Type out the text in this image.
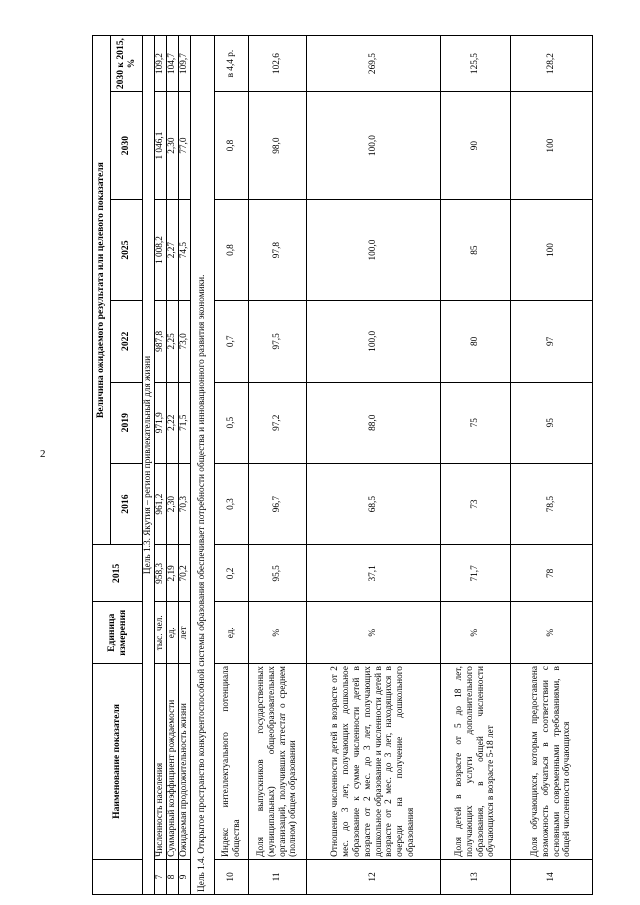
2
	Наименование показателя	Единица измерения	2015	Величина ожидаемого результата или целевого показателя					
				2016	2019	2022	2025	2030	2030 к 2015, %
Цель 1.3. Якутия – регион привлекательный для жизни									
7	Численность населения	тыс. чел.	958,3	961,2	971,9	987,8	1 008,2	1 046,1	109,2
8	Суммарный коэффициент рождаемости	ед.	2,19	2,30	2,22	2,25	2,27	2,30	104,7
9	Ожидаемая продолжительность жизни	лет	70,2	70,3	71,5	73,0	74,5	77,0	109,7
Цель 1.4. Открытое пространство конкурентоспособной системы образования обеспечивает потребности общества и инновационного развития экономики.									
10	Индекс интеллектуального потенциала общества	ед.	0,2	0,3	0,5	0,7	0,8	0,8	в 4,4 р.
11	Доля выпускников государственных (муниципальных) общеобразовательных организаций, получивших аттестат о среднем (полном) общем образовании	%	95,5	96,7	97,2	97,5	97,8	98,0	102,6
12	Отношение численности детей в возрасте от 2 мес. до 3 лет, получающих дошкольное образование к сумме численности детей в возрасте от 2 мес. до 3 лет, получающих дошкольное образование и численности детей в возрасте от 2 мес. до 3 лет, находящихся в очереди на получение дошкольного образования	%	37,1	68,5	88,0	100,0	100,0	100,0	269,5
13	Доля детей в возрасте от 5 до 18 лет, получающих услуги дополнительного образования, в общей численности обучающихся в возрасте 5-18 лет	%	71,7	73	75	80	85	90	125,5
14	Доля обучающихся, которым предоставлена возможность обучаться в соответствии с основными современными требованиями, в общей численности обучающихся	%	78	78,5	95	97	100	100	128,2
